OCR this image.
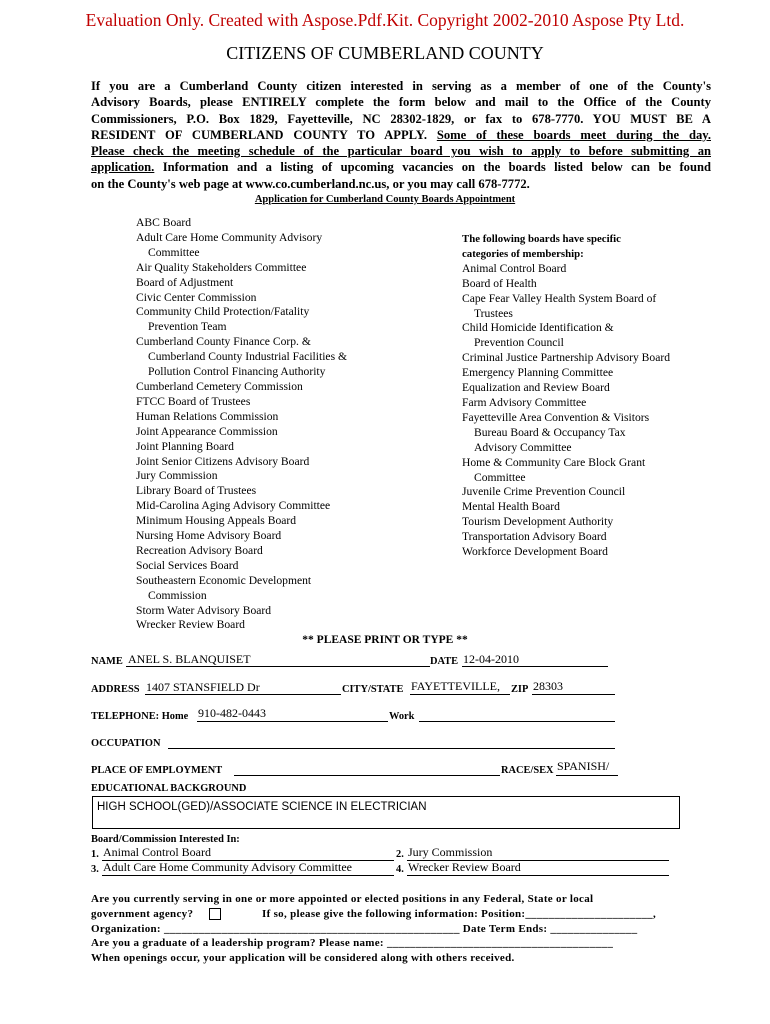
Evaluation Only. Created with Aspose.Pdf.Kit. Copyright 2002-2010 Aspose Pty Ltd.
CITIZENS OF CUMBERLAND COUNTY
If you are a Cumberland County citizen interested in serving as a member of one of the County's
Advisory Boards, please ENTIRELY complete the form below and mail to the Office of the County
Commissioners, P.O. Box 1829, Fayetteville, NC 28302-1829, or fax to 678-7770. YOU MUST BE A
RESIDENT OF CUMBERLAND COUNTY TO APPLY. Some of these boards meet during the day.
Please check the meeting schedule of the particular board you wish to apply to before submitting an
application. Information and a listing of upcoming vacancies on the boards listed below can be found
on the County's web page at www.co.cumberland.nc.us, or you may call 678-7772.
Application for Cumberland County Boards Appointment
ABC Board
Adult Care Home Community Advisory
Committee
Air Quality Stakeholders Committee
Board of Adjustment
Civic Center Commission
Community Child Protection/Fatality
Prevention Team
Cumberland County Finance Corp. &
Cumberland County Industrial Facilities &
Pollution Control Financing Authority
Cumberland Cemetery Commission
FTCC Board of Trustees
Human Relations Commission
Joint Appearance Commission
Joint Planning Board
Joint Senior Citizens Advisory Board
Jury Commission
Library Board of Trustees
Mid-Carolina Aging Advisory Committee
Minimum Housing Appeals Board
Nursing Home Advisory Board
Recreation Advisory Board
Social Services Board
Southeastern Economic Development
Commission
Storm Water Advisory Board
Wrecker Review Board
The following boards have specific
categories of membership:
Animal Control Board
Board of Health
Cape Fear Valley Health System Board of
Trustees
Child Homicide Identification &
Prevention Council
Criminal Justice Partnership Advisory Board
Emergency Planning Committee
Equalization and Review Board
Farm Advisory Committee
Fayetteville Area Convention & Visitors
Bureau Board & Occupancy Tax
Advisory Committee
Home & Community Care Block Grant
Committee
Juvenile Crime Prevention Council
Mental Health Board
Tourism Development Authority
Transportation Advisory Board
Workforce Development Board
** PLEASE PRINT OR TYPE **
NAME ANEL S. BLANQUISET	DATE 12-04-2010
ADDRESS 1407 STANSFIELD Dr	CITY/STATE FAYETTEVILLE, ZIP 28303
TELEPHONE: Home 910-482-0443	Work
OCCUPATION
PLACE OF EMPLOYMENT	RACE/SEX SPANISH/
EDUCATIONAL BACKGROUND
HIGH SCHOOL(GED)/ASSOCIATE SCIENCE IN ELECTRICIAN
Board/Commission Interested In:
1. Animal Control Board	2. Jury Commission
3. Adult Care Home Community Advisory Committee	4. Wrecker Review Board
Are you currently serving in one or more appointed or elected positions in any Federal, State or local
government agency?	If so, please give the following information: Position:______________________,
Organization: ___________________________________________________ Date Term Ends: _______________
Are you a graduate of a leadership program? Please name: _______________________________________
When openings occur, your application will be considered along with others received.
